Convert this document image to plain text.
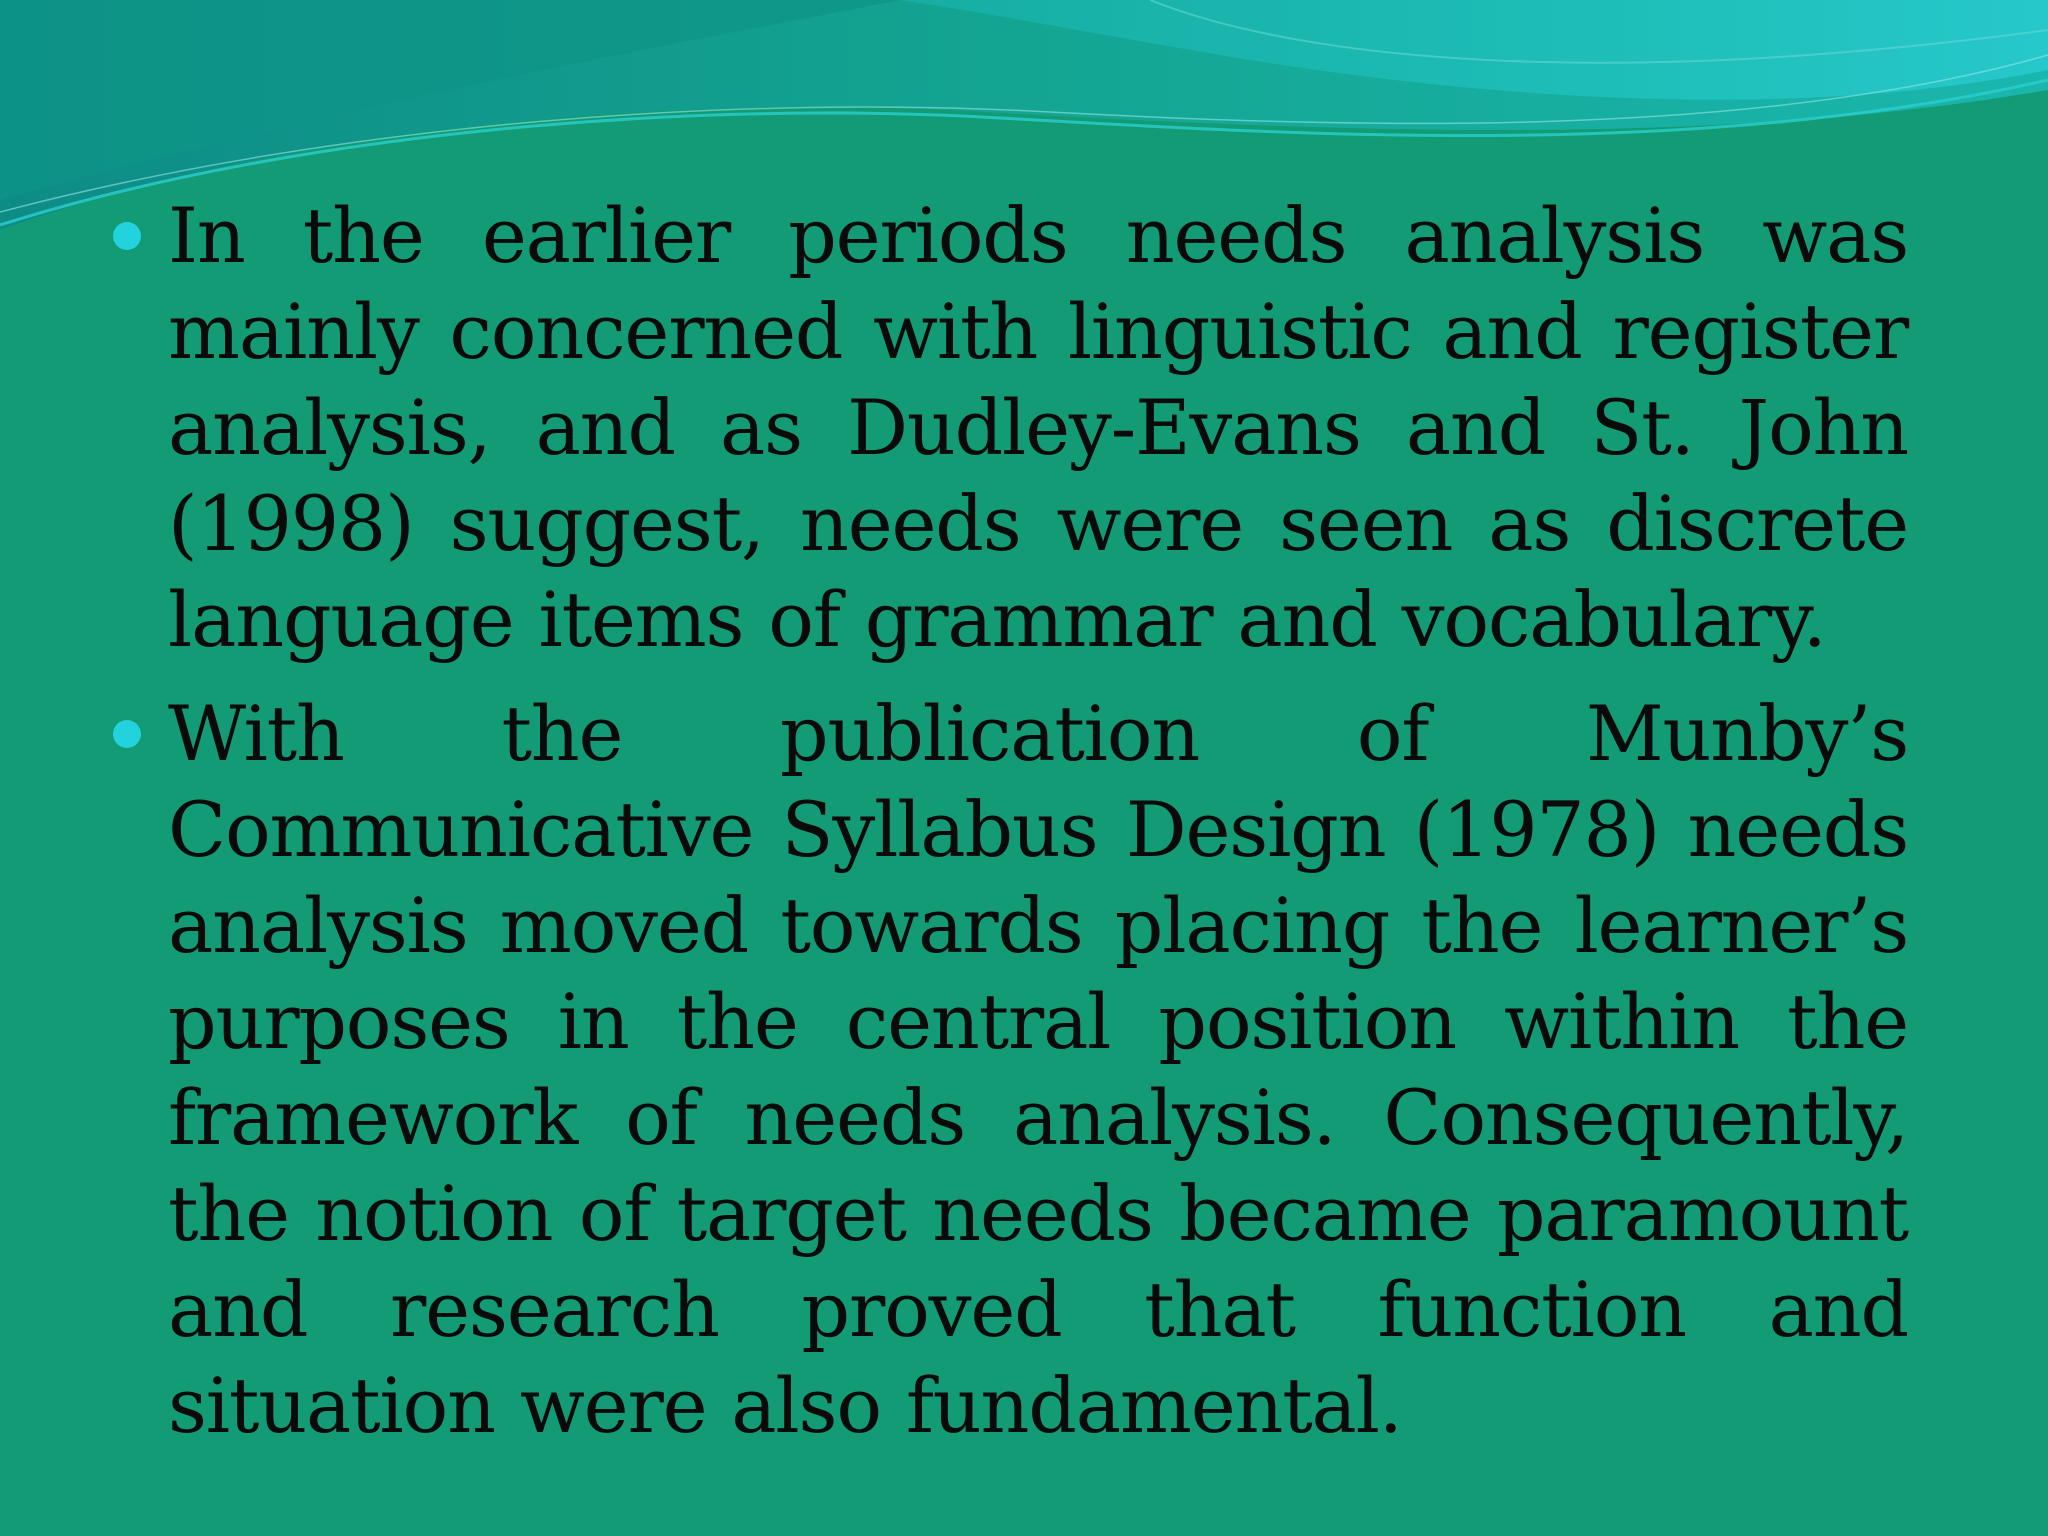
In the earlier periods needs analysis was mainly concerned with linguistic and register analysis, and as Dudley-Evans and St. John (1998) suggest, needs were seen as discrete language items of grammar and vocabulary.
With the publication of Munby’s Communicative Syllabus Design (1978) needs analysis moved towards placing the learner’s purposes in the central position within the framework of needs analysis. Consequently, the notion of target needs became paramount and research proved that function and situation were also fundamental.
